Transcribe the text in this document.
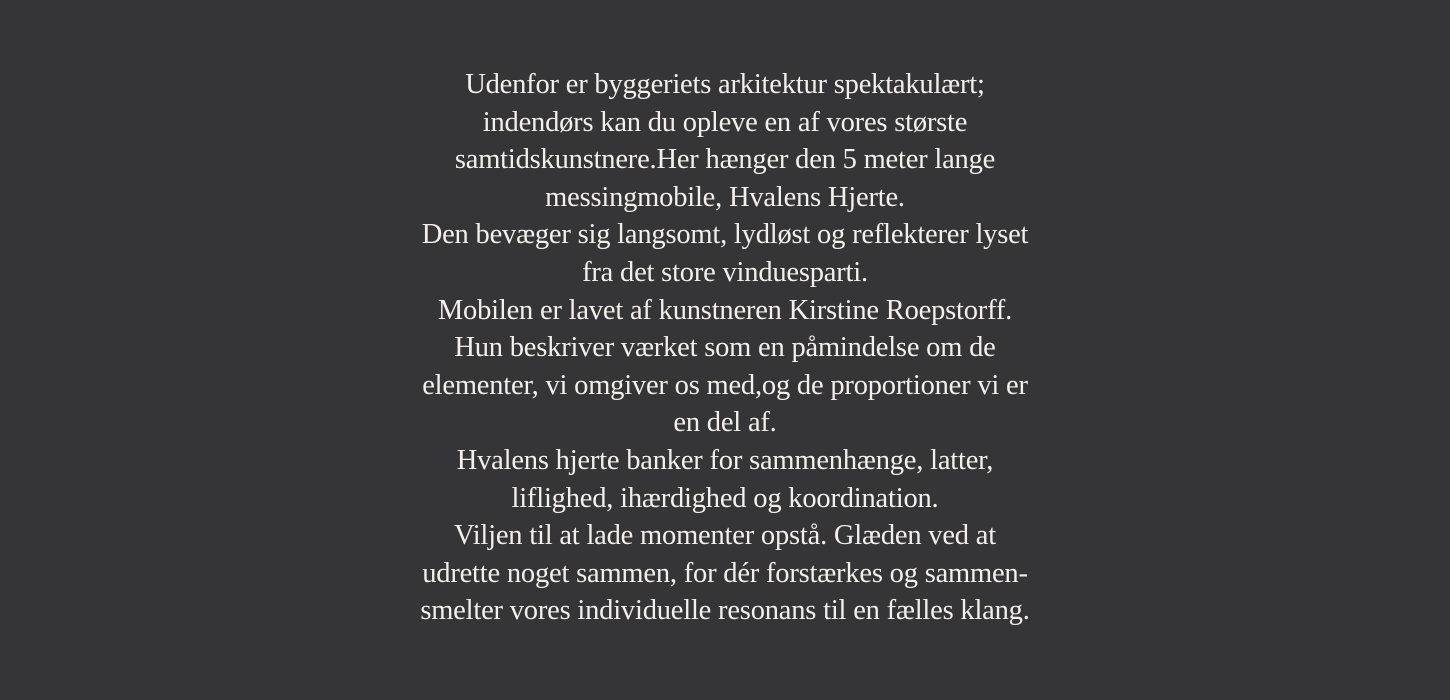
Udenfor er byggeriets arkitektur spektakulært;
indendørs kan du opleve en af vores største
samtidskunstnere.Her hænger den 5 meter lange
messingmobile, Hvalens Hjerte.
Den bevæger sig langsomt, lydløst og reflekterer lyset
fra det store vinduesparti.
Mobilen er lavet af kunstneren Kirstine Roepstorff.
Hun beskriver værket som en påmindelse om de
elementer, vi omgiver os med,og de proportioner vi er
en del af.
Hvalens hjerte banker for sammenhænge, latter,
liflighed, ihærdighed og koordination.
Viljen til at lade momenter opstå. Glæden ved at
udrette noget sammen, for dér forstærkes og sammen-
smelter vores individuelle resonans til en fælles klang.
